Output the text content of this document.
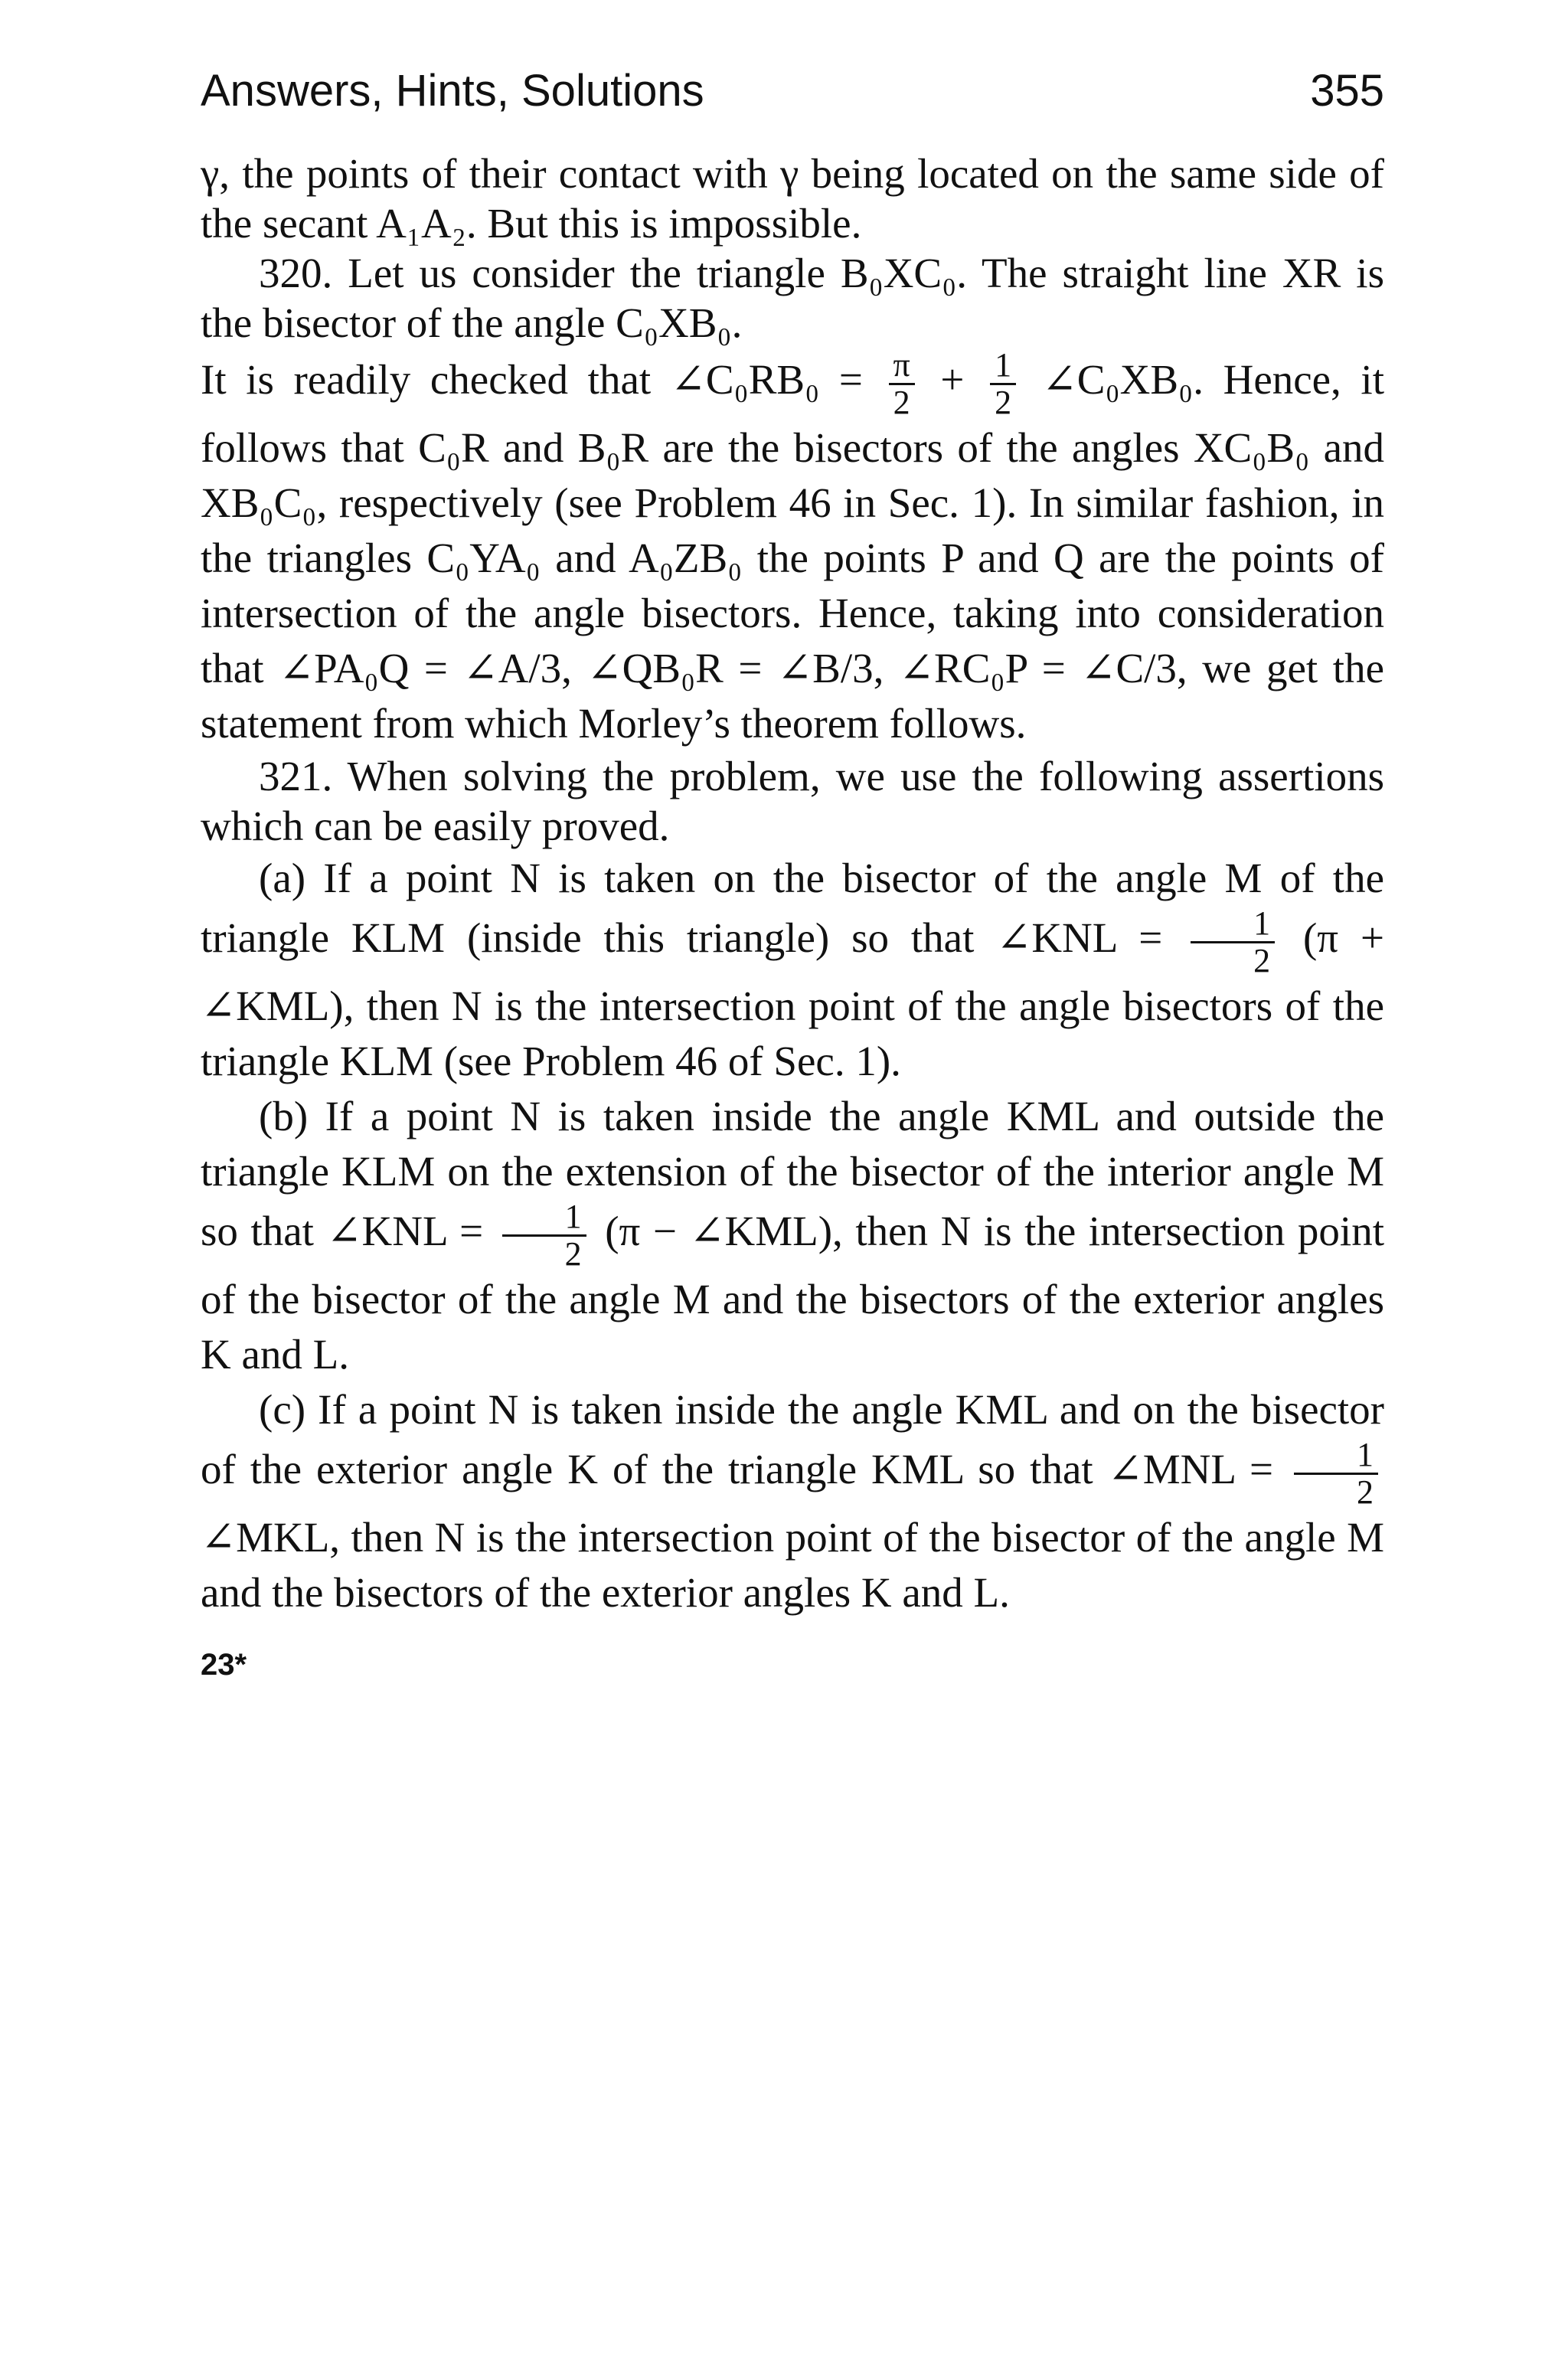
Answers, Hints, Solutions	355

γ, the points of their contact with γ being located on the same side of the secant A₁A₂. But this is impossible.

320. Let us consider the triangle B₀XC₀. The straight line XR is the bisector of the angle C₀XB₀.

It is readily checked that ∠C₀RB₀ = $\frac{\pi}{2} + \frac{1}{2}$ ∠C₀XB₀. Hence, it follows that C₀R and B₀R are the bisectors of the angles XC₀B₀ and XB₀C₀, respectively (see Problem 46 in Sec. 1). In similar fashion, in the triangles C₀YA₀ and A₀ZB₀ the points P and Q are the points of intersection of the angle bisectors. Hence, taking into consideration that ∠PA₀Q = ∠A/3, ∠QB₀R = ∠B/3, ∠RC₀P = ∠C/3, we get the statement from which Morley’s theorem follows.

321. When solving the problem, we use the following assertions which can be easily proved.

(a) If a point N is taken on the bisector of the angle M of the triangle KLM (inside this triangle) so that ∠KNL = $\frac{1}{2} (\pi$ + ∠KML), then N is the intersection point of the angle bisectors of the triangle KLM (see Problem 46 of Sec. 1).

(b) If a point N is taken inside the angle KML and outside the triangle KLM on the extension of the bisector of the interior angle M so that ∠KNL = $\frac{1}{2} (\pi$ − ∠KML), then N is the intersection point of the bisector of the angle M and the bisectors of the exterior angles K and L.

(c) If a point N is taken inside the angle KML and on the bisector of the exterior angle K of the triangle KML so that ∠MNL = $\frac{1}{2}$
∠MKL, then N is the intersection point of the bisector of the angle M and the bisectors of the exterior angles K and L.

23*
